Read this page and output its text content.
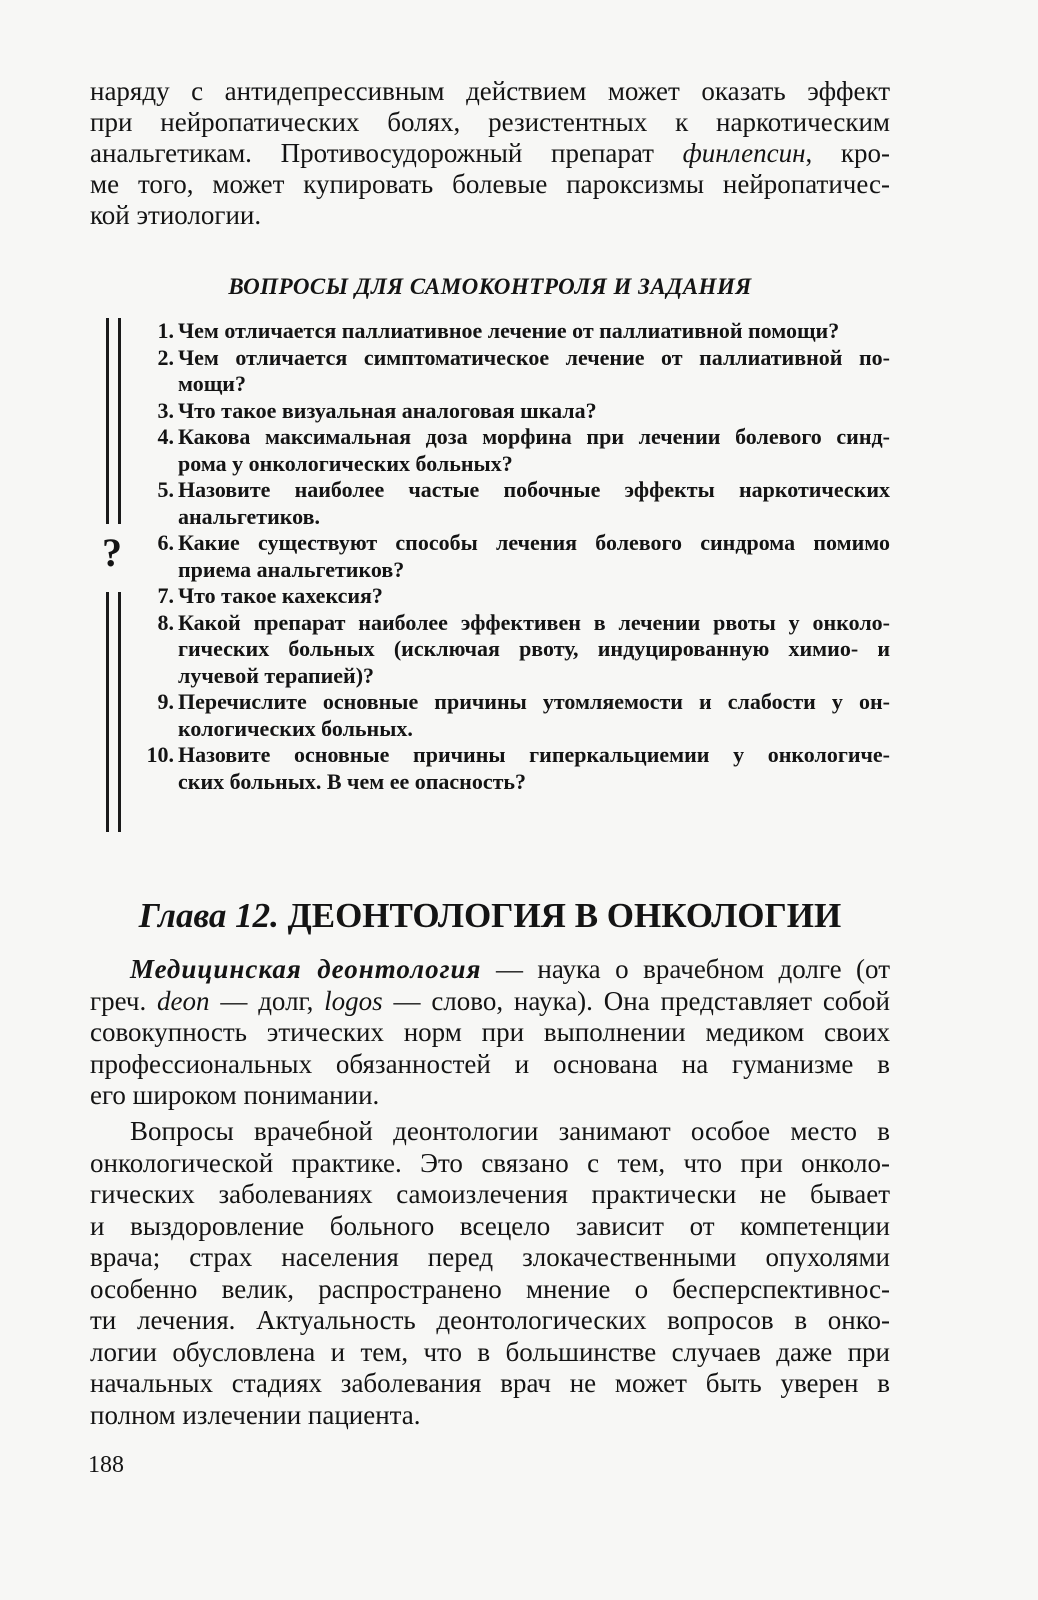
наряду с антидепрессивным действием может оказать эффект
при нейропатических болях, резистентных к наркотическим
анальгетикам. Противосудорожный препарат финлепсин, кро-
ме того, может купировать болевые пароксизмы нейропатичес-
кой этиологии.

ВОПРОСЫ ДЛЯ САМОКОНТРОЛЯ И ЗАДАНИЯ
?
1. Чем отличается паллиативное лечение от паллиативной помощи?
2. Чем отличается симптоматическое лечение от паллиативной по-
мощи?
3. Что такое визуальная аналоговая шкала?
4. Какова максимальная доза морфина при лечении болевого синд-
рома у онкологических больных?
5. Назовите наиболее частые побочные эффекты наркотических
анальгетиков.
6. Какие существуют способы лечения болевого синдрома помимо
приема анальгетиков?
7. Что такое кахексия?
8. Какой препарат наиболее эффективен в лечении рвоты у онколо-
гических больных (исключая рвоту, индуцированную химио- и
лучевой терапией)?
9. Перечислите основные причины утомляемости и слабости у он-
кологических больных.
10. Назовите основные причины гиперкальциемии у онкологиче-
ских больных. В чем ее опасность?
Глава 12. ДЕОНТОЛОГИЯ В ОНКОЛОГИИ

Медицинская деонтология — наука о врачебном долге (от
греч. deon — долг, logos — слово, наука). Она представляет собой
совокупность этических норм при выполнении медиком своих
профессиональных обязанностей и основана на гуманизме в
его широком понимании.

Вопросы врачебной деонтологии занимают особое место в
онкологической практике. Это связано с тем, что при онколо-
гических заболеваниях самоизлечения практически не бывает
и выздоровление больного всецело зависит от компетенции
врача; страх населения перед злокачественными опухолями
особенно велик, распространено мнение о бесперспективнос-
ти лечения. Актуальность деонтологических вопросов в онко-
логии обусловлена и тем, что в большинстве случаев даже при
начальных стадиях заболевания врач не может быть уверен в
полном излечении пациента.

188
